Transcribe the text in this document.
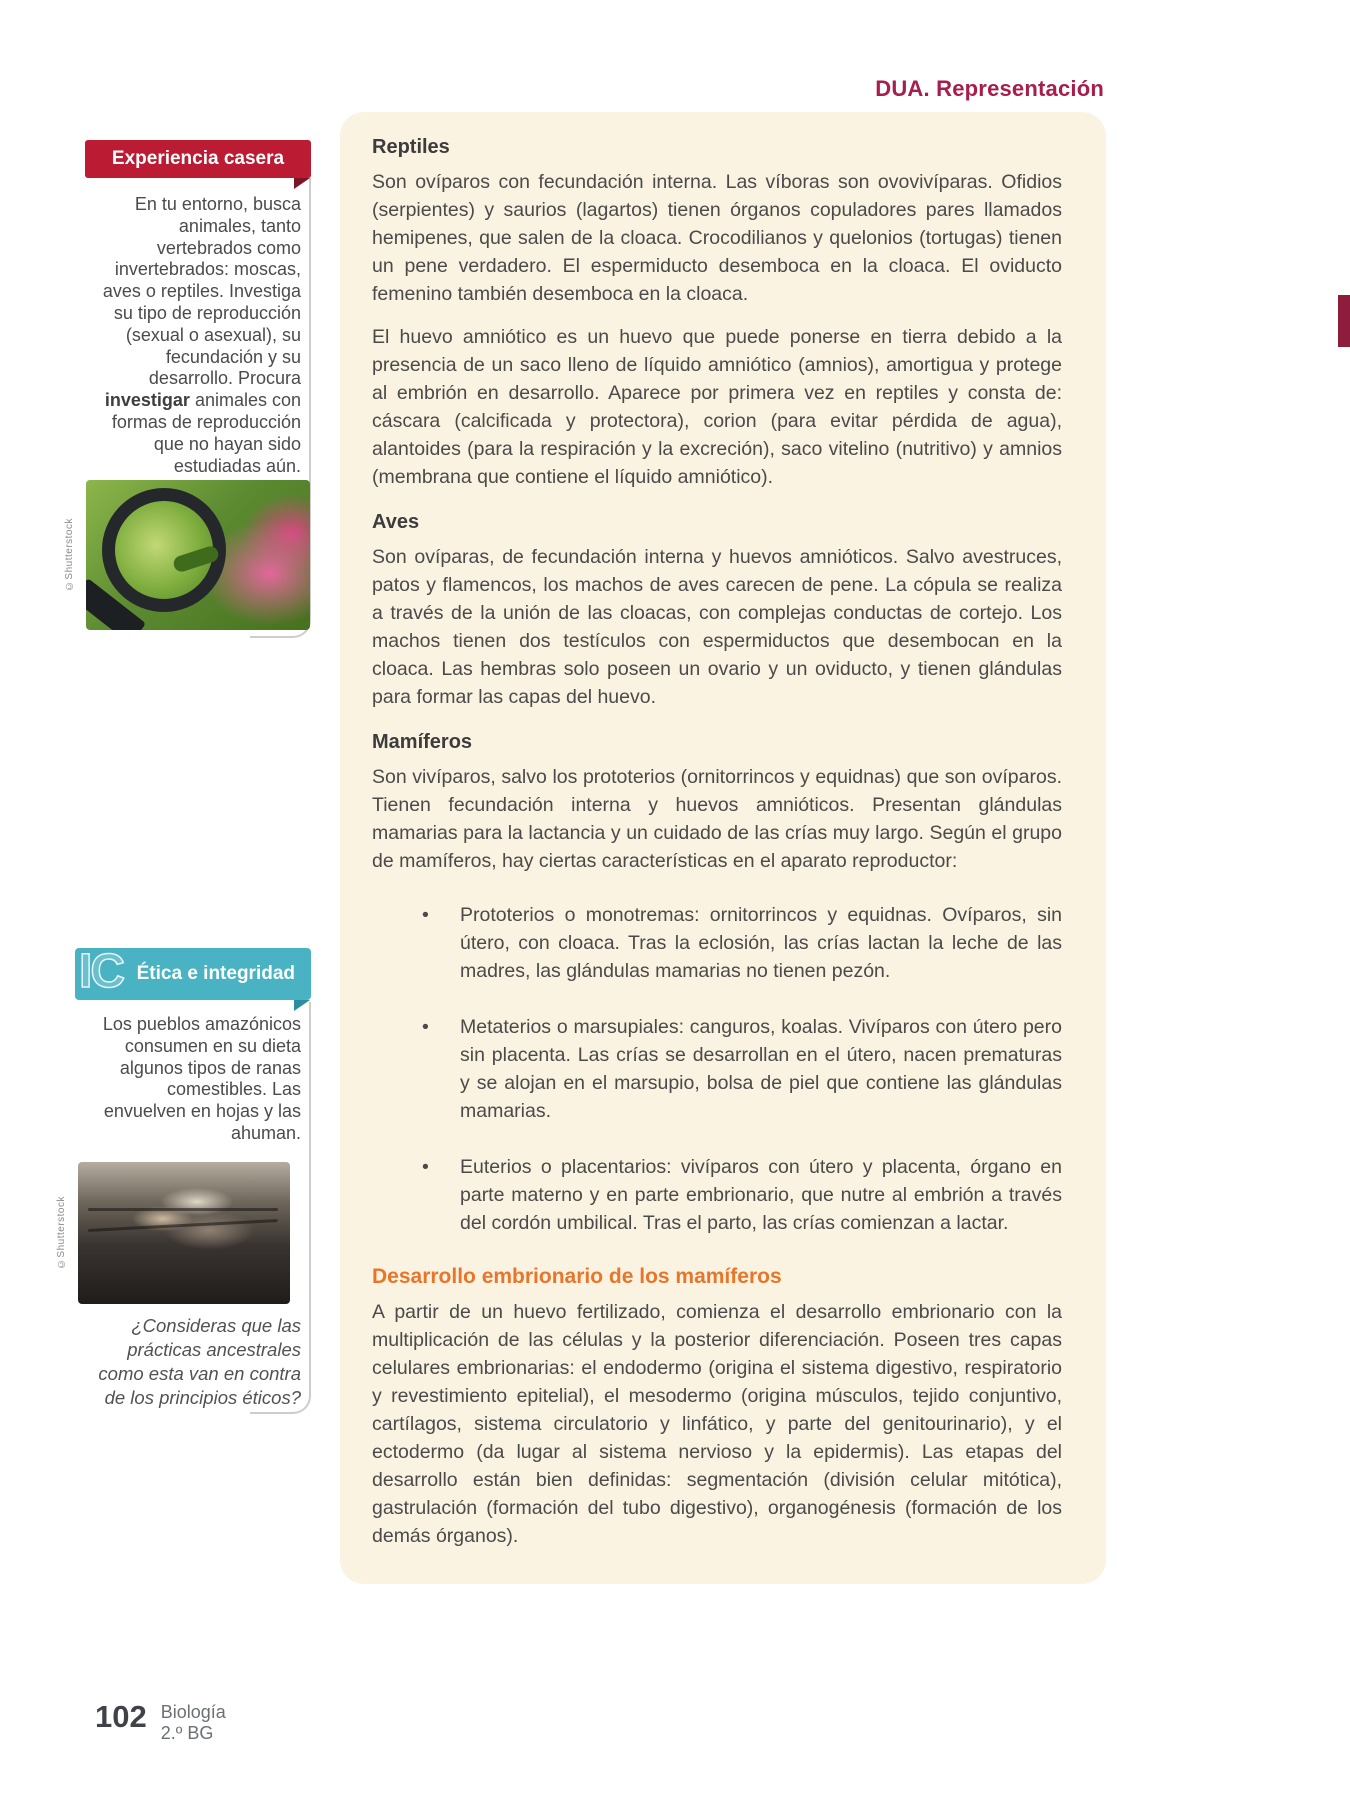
DUA. Representación
Reptiles

Son ovíparos con fecundación interna. Las víboras son ovovivíparas. Ofidios (serpientes) y saurios (lagartos) tienen órganos copuladores pares llamados hemipenes, que salen de la cloaca. Crocodilianos y quelonios (tortugas) tienen un pene verdadero. El espermiducto desemboca en la cloaca. El oviducto femenino también desemboca en la cloaca.

El huevo amniótico es un huevo que puede ponerse en tierra debido a la presencia de un saco lleno de líquido amniótico (amnios), amortigua y protege al embrión en desarrollo. Aparece por primera vez en reptiles y consta de: cáscara (calcificada y protectora), corion (para evitar pérdida de agua), alantoides (para la respiración y la excreción), saco vitelino (nutritivo) y amnios (membrana que contiene el líquido amniótico).

Aves

Son ovíparas, de fecundación interna y huevos amnióticos. Salvo avestruces, patos y flamencos, los machos de aves carecen de pene. La cópula se realiza a través de la unión de las cloacas, con complejas conductas de cortejo. Los machos tienen dos testículos con espermiductos que desembocan en la cloaca. Las hembras solo poseen un ovario y un oviducto, y tienen glándulas para formar las capas del huevo.

Mamíferos

Son vivíparos, salvo los prototerios (ornitorrincos y equidnas) que son ovíparos. Tienen fecundación interna y huevos amnióticos. Presentan glándulas mamarias para la lactancia y un cuidado de las crías muy largo. Según el grupo de mamíferos, hay ciertas características en el aparato reproductor:

• Prototerios o monotremas: ornitorrincos y equidnas. Ovíparos, sin útero, con cloaca. Tras la eclosión, las crías lactan la leche de las madres, las glándulas mamarias no tienen pezón.
• Metaterios o marsupiales: canguros, koalas. Vivíparos con útero pero sin placenta. Las crías se desarrollan en el útero, nacen prematuras y se alojan en el marsupio, bolsa de piel que contiene las glándulas mamarias.
• Euterios o placentarios: vivíparos con útero y placenta, órgano en parte materno y en parte embrionario, que nutre al embrión a través del cordón umbilical. Tras el parto, las crías comienzan a lactar.
Desarrollo embrionario de los mamíferos

A partir de un huevo fertilizado, comienza el desarrollo embrionario con la multiplicación de las células y la posterior diferenciación. Poseen tres capas celulares embrionarias: el endodermo (origina el sistema digestivo, respiratorio y revestimiento epitelial), el mesodermo (origina músculos, tejido conjuntivo, cartílagos, sistema circulatorio y linfático, y parte del genitourinario), y el ectodermo (da lugar al sistema nervioso y la epidermis). Las etapas del desarrollo están bien definidas: segmentación (división celular mitótica), gastrulación (formación del tubo digestivo), organogénesis (formación de los demás órganos).

Experiencia casera

En tu entorno, busca animales, tanto vertebrados como invertebrados: moscas, aves o reptiles. Investiga su tipo de reproducción (sexual o asexual), su fecundación y su desarrollo. Procura investigar animales con formas de reproducción que no hayan sido estudiadas aún.

©Shutterstock
IC Ética e integridad

Los pueblos amazónicos consumen en su dieta algunos tipos de ranas comestibles. Las envuelven en hojas y las ahuman.

©Shutterstock

¿Consideras que las prácticas ancestrales como esta van en contra de los principios éticos?

102 Biología
2.º BG
